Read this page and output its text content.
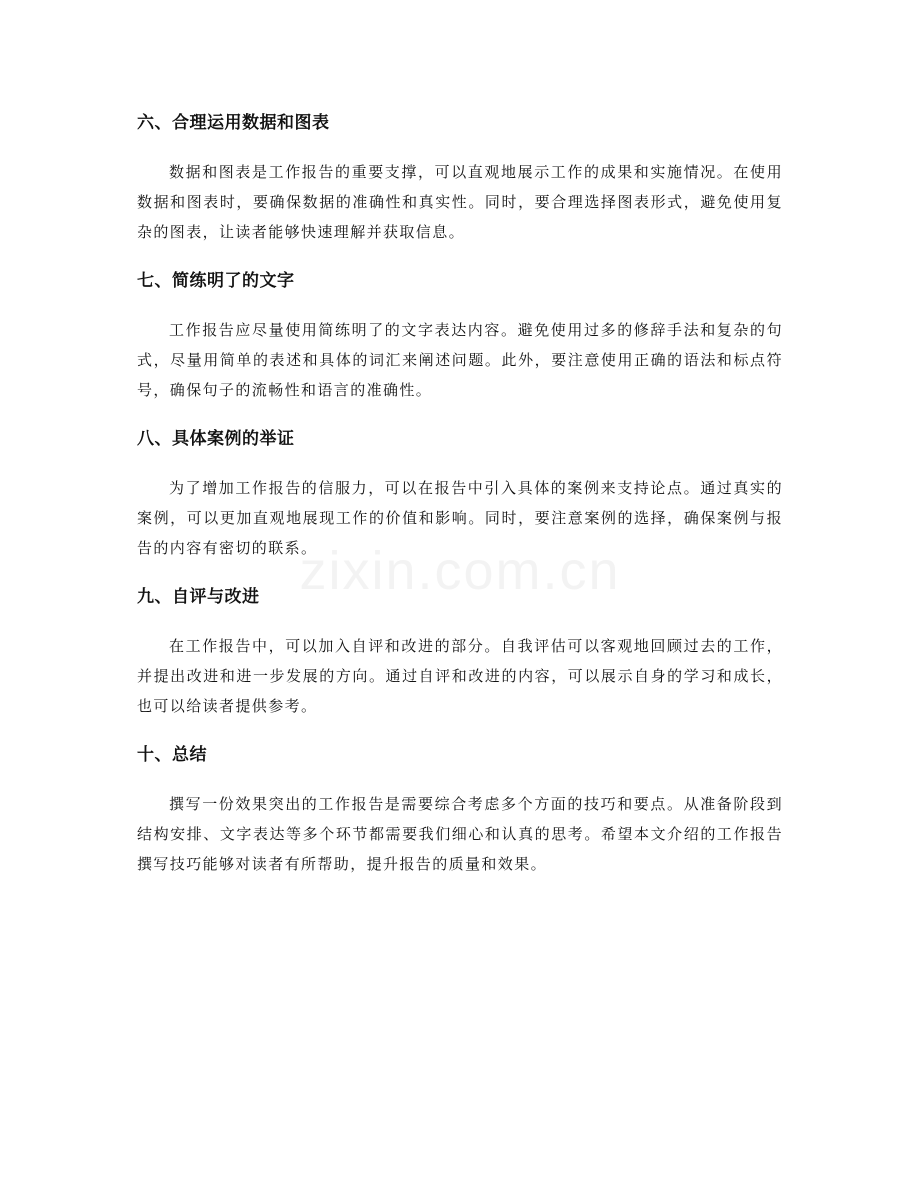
zixin.com.cn
六、合理运用数据和图表

数据和图表是工作报告的重要支撑，可以直观地展示工作的成果和实施情况。在使用数据和图表时，要确保数据的准确性和真实性。同时，要合理选择图表形式，避免使用复杂的图表，让读者能够快速理解并获取信息。

七、简练明了的文字

工作报告应尽量使用简练明了的文字表达内容。避免使用过多的修辞手法和复杂的句式，尽量用简单的表述和具体的词汇来阐述问题。此外，要注意使用正确的语法和标点符号，确保句子的流畅性和语言的准确性。

八、具体案例的举证

为了增加工作报告的信服力，可以在报告中引入具体的案例来支持论点。通过真实的案例，可以更加直观地展现工作的价值和影响。同时，要注意案例的选择，确保案例与报告的内容有密切的联系。

九、自评与改进

在工作报告中，可以加入自评和改进的部分。自我评估可以客观地回顾过去的工作，并提出改进和进一步发展的方向。通过自评和改进的内容，可以展示自身的学习和成长，也可以给读者提供参考。

十、总结

撰写一份效果突出的工作报告是需要综合考虑多个方面的技巧和要点。从准备阶段到结构安排、文字表达等多个环节都需要我们细心和认真的思考。希望本文介绍的工作报告撰写技巧能够对读者有所帮助，提升报告的质量和效果。
